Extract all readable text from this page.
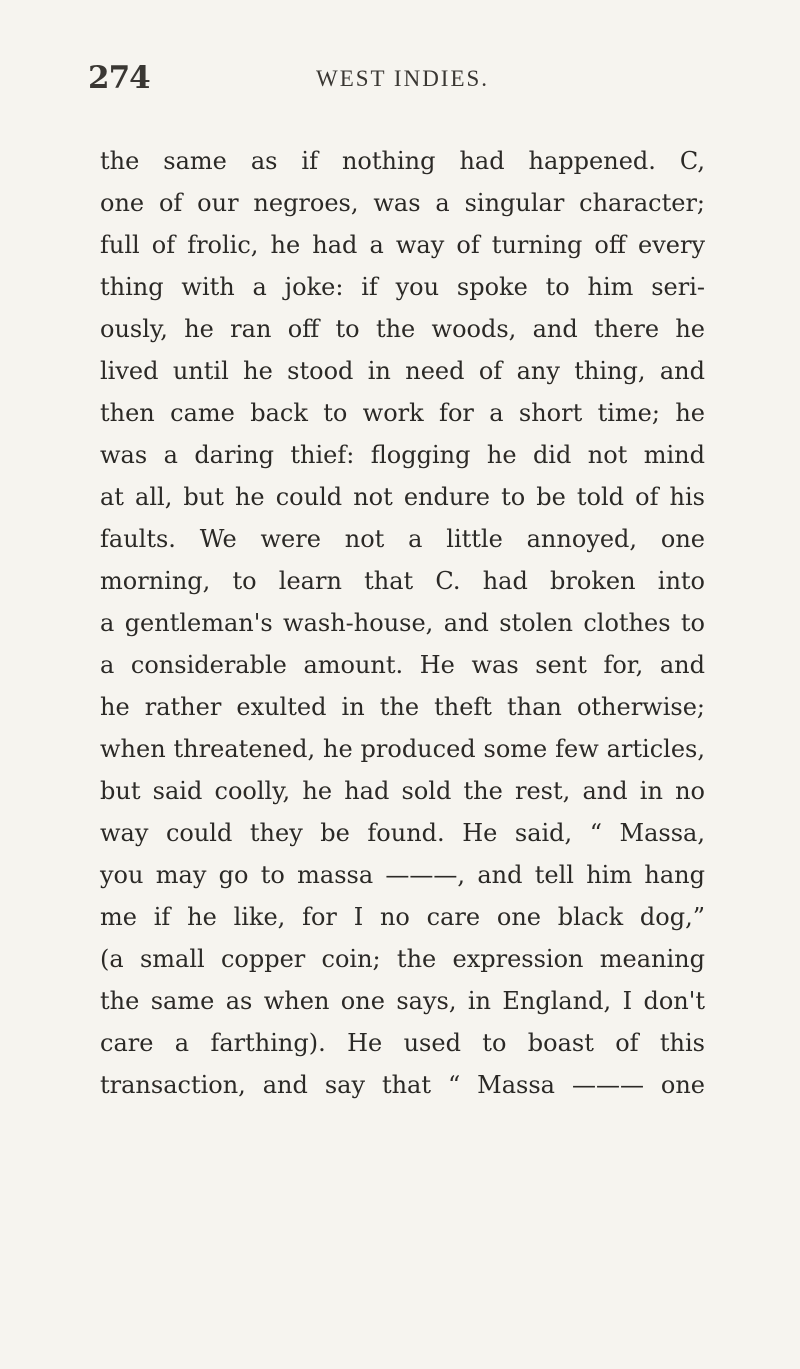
274	WEST INDIES.
the same as if nothing had happened. C,
one of our negroes, was a singular character;
full of frolic, he had a way of turning off every
thing with a joke: if you spoke to him seri-
ously, he ran off to the woods, and there he
lived until he stood in need of any thing, and
then came back to work for a short time; he
was a daring thief: flogging he did not mind
at all, but he could not endure to be told of his
faults. We were not a little annoyed, one
morning, to learn that C. had broken into
a gentleman's wash-house, and stolen clothes to
a considerable amount. He was sent for, and
he rather exulted in the theft than otherwise;
when threatened, he produced some few articles,
but said coolly, he had sold the rest, and in no
way could they be found. He said, “ Massa,
you may go to massa ———, and tell him hang
me if he like, for I no care one black dog,”
(a small copper coin; the expression meaning
the same as when one says, in England, I don't
care a farthing). He used to boast of this
transaction, and say that “ Massa ——— one
